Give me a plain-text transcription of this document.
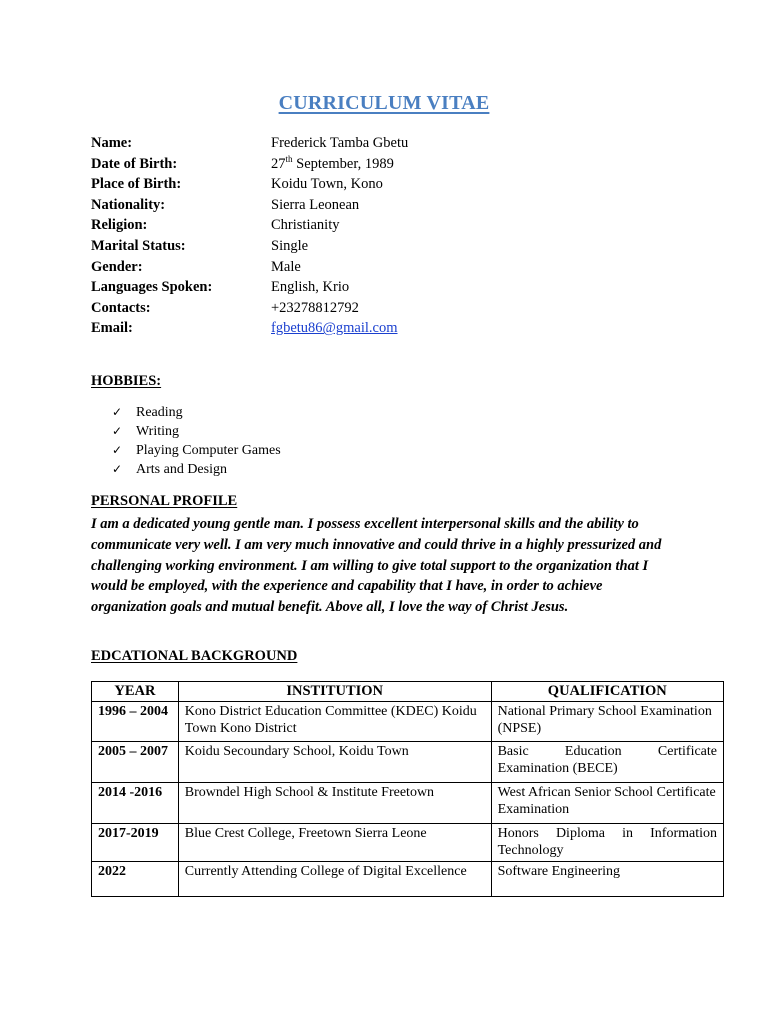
CURRICULUM VITAE
Name:	Frederick Tamba Gbetu
Date of Birth:	27th September, 1989
Place of Birth:	Koidu Town, Kono
Nationality:	Sierra Leonean
Religion:	Christianity
Marital Status:	Single
Gender:	Male
Languages Spoken:	English, Krio
Contacts:	+23278812792
Email:	fgbetu86@gmail.com
HOBBIES:
✓ Reading
✓ Writing
✓ Playing Computer Games
✓ Arts and Design
PERSONAL PROFILE
I am a dedicated young gentle man. I possess excellent interpersonal skills and the ability to communicate very well. I am very much innovative and could thrive in a highly pressurized and challenging working environment. I am willing to give total support to the organization that I would be employed, with the experience and capability that I have, in order to achieve organization goals and mutual benefit. Above all, I love the way of Christ Jesus.
EDCATIONAL BACKGROUND
YEAR	INSTITUTION	QUALIFICATION
1996 – 2004	Kono District Education Committee (KDEC) Koidu Town Kono District	National Primary School Examination (NPSE)
2005 – 2007	Koidu Secoundary School, Koidu Town	Basic Education Certificate Examination (BECE)
2014 -2016	Browndel High School & Institute Freetown	West African Senior School Certificate Examination
2017-2019	Blue Crest College, Freetown Sierra Leone	Honors Diploma in Information Technology
2022	Currently Attending College of Digital Excellence	Software Engineering
